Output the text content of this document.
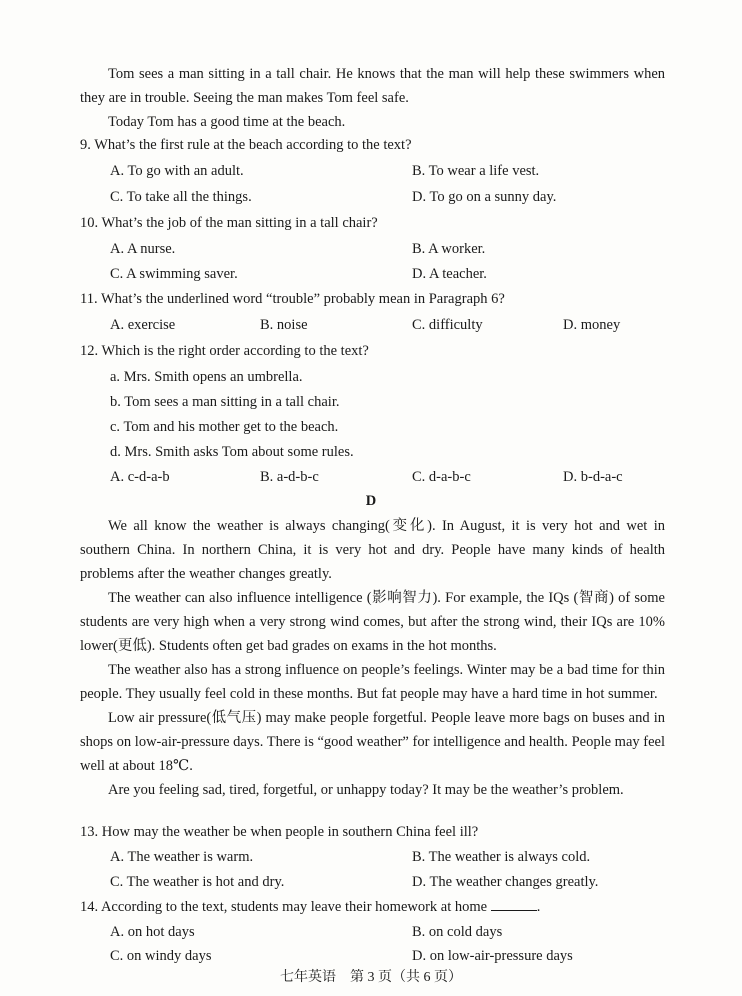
Tom sees a man sitting in a tall chair. He knows that the man will help these swimmers when they are in trouble. Seeing the man makes Tom feel safe.
Today Tom has a good time at the beach.
9. What’s the first rule at the beach according to the text?
A. To go with an adult.	B. To wear a life vest.
C. To take all the things.	D. To go on a sunny day.
10. What’s the job of the man sitting in a tall chair?
A. A nurse.	B. A worker.
C. A swimming saver.	D. A teacher.
11. What’s the underlined word “trouble” probably mean in Paragraph 6?
A. exercise	B. noise	C. difficulty	D. money
12. Which is the right order according to the text?
a. Mrs. Smith opens an umbrella.
b. Tom sees a man sitting in a tall chair.
c. Tom and his mother get to the beach.
d. Mrs. Smith asks Tom about some rules.
A. c-d-a-b	B. a-d-b-c	C. d-a-b-c	D. b-d-a-c
D
We all know the weather is always changing(变化). In August, it is very hot and wet in southern China. In northern China, it is very hot and dry. People have many kinds of health problems after the weather changes greatly.
The weather can also influence intelligence (影响智力). For example, the IQs (智商) of some students are very high when a very strong wind comes, but after the strong wind, their IQs are 10% lower(更低). Students often get bad grades on exams in the hot months.
The weather also has a strong influence on people’s feelings. Winter may be a bad time for thin people. They usually feel cold in these months. But fat people may have a hard time in hot summer.
Low air pressure(低气压) may make people forgetful. People leave more bags on buses and in shops on low-air-pressure days. There is “good weather” for intelligence and health. People may feel well at about 18℃.
Are you feeling sad, tired, forgetful, or unhappy today? It may be the weather’s problem.
13. How may the weather be when people in southern China feel ill?
A. The weather is warm.	B. The weather is always cold.
C. The weather is hot and dry.	D. The weather changes greatly.
14. According to the text, students may leave their homework at home	.
A. on hot days	B. on cold days
C. on windy days	D. on low-air-pressure days
七年英语　第 3 页（共 6 页）
